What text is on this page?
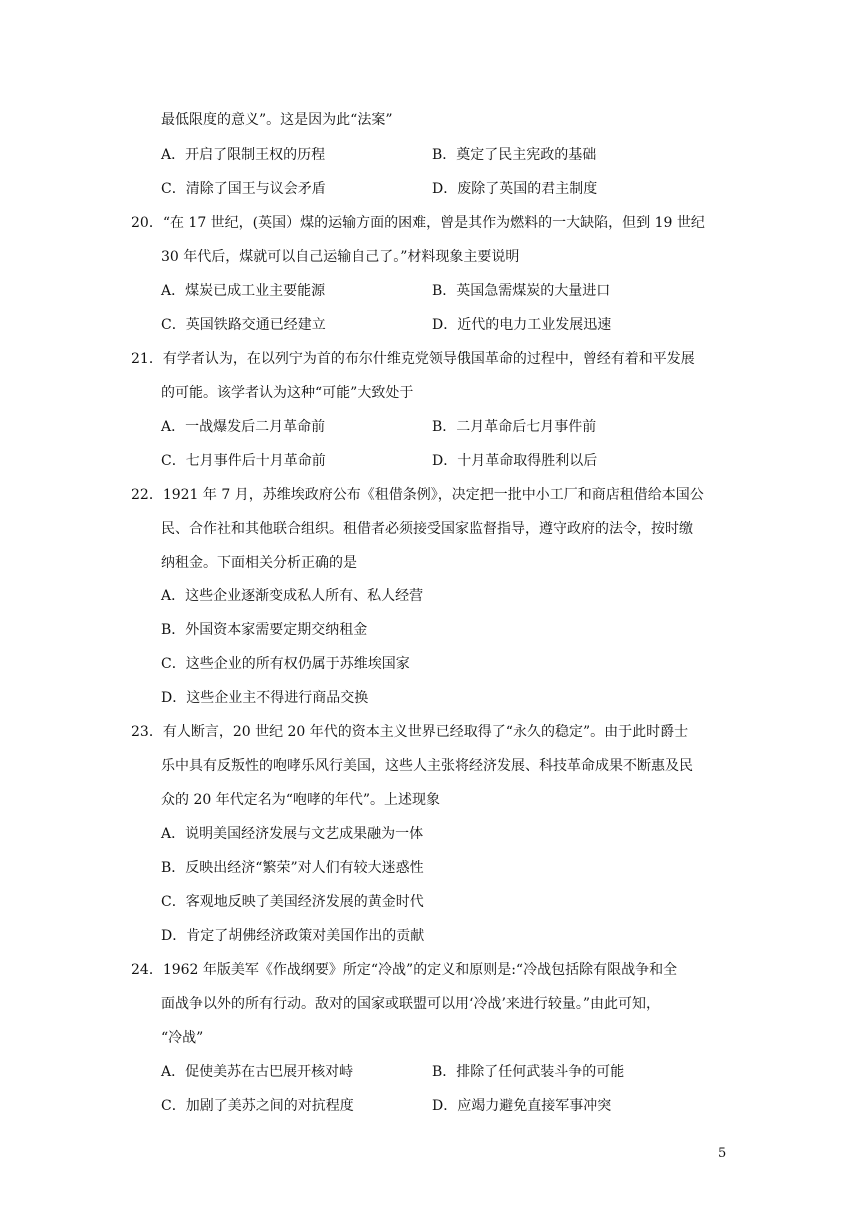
最低限度的意义”。这是因为此“法案”
A．开启了限制王权的历程	B．奠定了民主宪政的基础
C．清除了国王与议会矛盾	D．废除了英国的君主制度
20．“在 17 世纪，(英国）煤的运输方面的困难，曾是其作为燃料的一大缺陷，但到 19 世纪
30 年代后，煤就可以自己运输自己了。”材料现象主要说明
A．煤炭已成工业主要能源	B．英国急需煤炭的大量进口
C．英国铁路交通已经建立	D．近代的电力工业发展迅速
21．有学者认为，在以列宁为首的布尔什维克党领导俄国革命的过程中，曾经有着和平发展
的可能。该学者认为这种“可能”大致处于
A．一战爆发后二月革命前	B．二月革命后七月事件前
C．七月事件后十月革命前	D．十月革命取得胜利以后
22．1921 年 7 月，苏维埃政府公布《租借条例》，决定把一批中小工厂和商店租借给本国公
民、合作社和其他联合组织。租借者必须接受国家监督指导，遵守政府的法令，按时缴
纳租金。下面相关分析正确的是
A．这些企业逐渐变成私人所有、私人经营
B．外国资本家需要定期交纳租金
C．这些企业的所有权仍属于苏维埃国家
D．这些企业主不得进行商品交换
23．有人断言，20 世纪 20 年代的资本主义世界已经取得了“永久的稳定”。由于此时爵士
乐中具有反叛性的咆哮乐风行美国，这些人主张将经济发展、科技革命成果不断惠及民
众的 20 年代定名为“咆哮的年代”。上述现象
A．说明美国经济发展与文艺成果融为一体
B．反映出经济“繁荣”对人们有较大迷惑性
C．客观地反映了美国经济发展的黄金时代
D．肯定了胡佛经济政策对美国作出的贡献
24．1962 年版美军《作战纲要》所定“冷战”的定义和原则是:“冷战包括除有限战争和全
面战争以外的所有行动。敌对的国家或联盟可以用‘冷战’来进行较量。”由此可知，
“冷战”
A．促使美苏在古巴展开核对峙	B．排除了任何武装斗争的可能
C．加剧了美苏之间的对抗程度	D．应竭力避免直接军事冲突
5
